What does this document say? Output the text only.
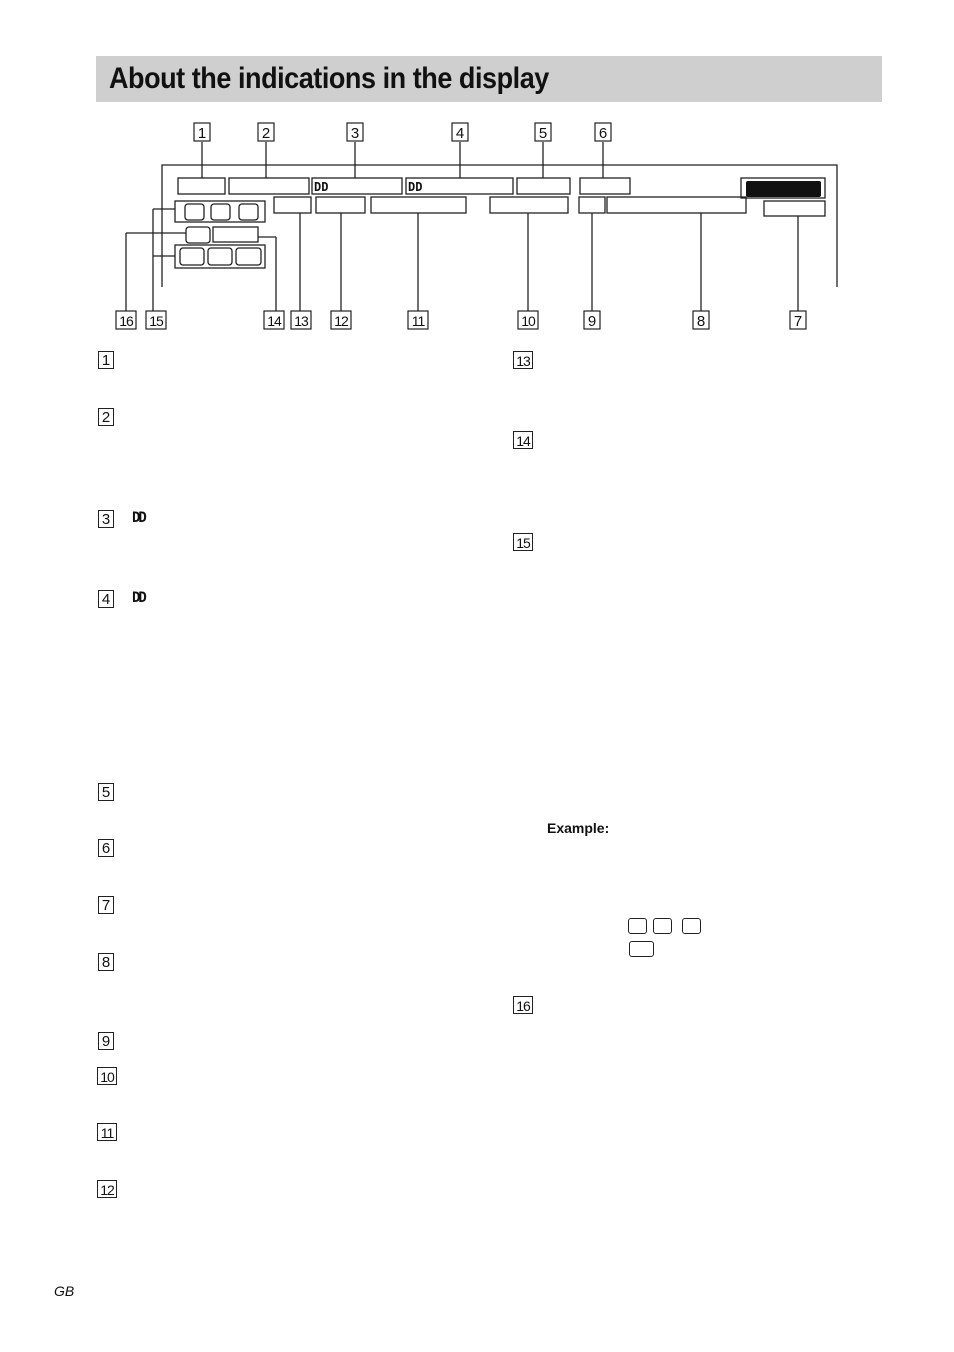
About the indications in the display
DD	DD
1	2	3	4	5	6
16 15	14 13 12	11	10	9	8	7
1
2
3 DD
4 DD
5
6
7
8
9
10
11
12
13
14
15
16
Example:
GB
